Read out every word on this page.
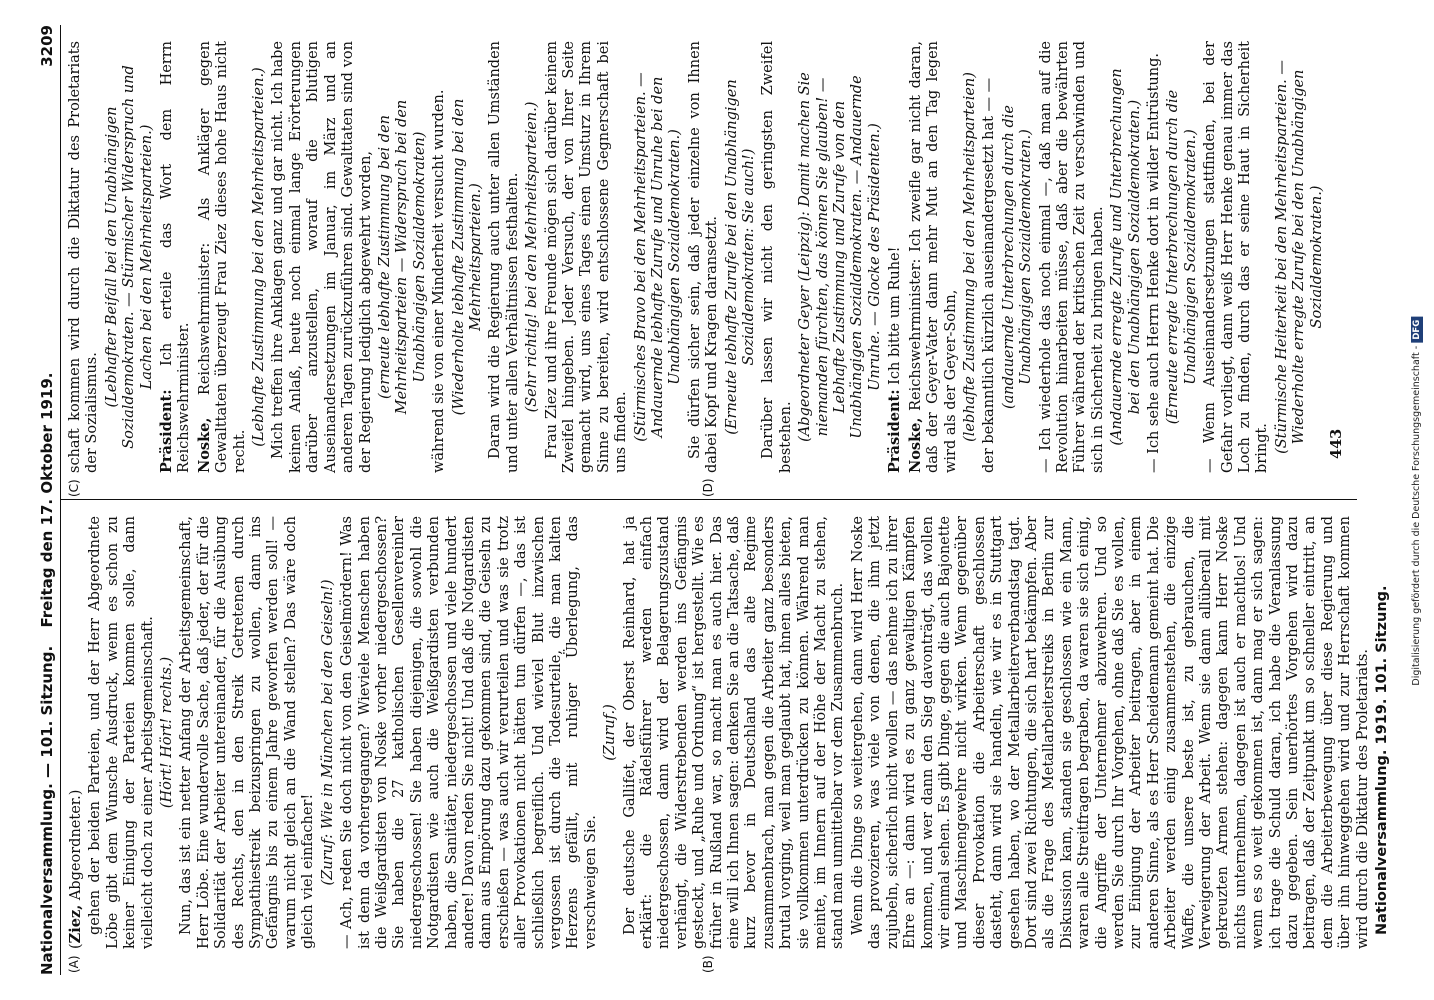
Nationalversammlung. — 101. Sitzung.
Freitag den 17. Oktober 1919.
3209
(A)	(B)

(Ziez, Abgeordneter.) gehen der beiden Parteien, und der Herr Abgeordnete Löbe gibt dem Wunsche Ausdruck, wenn es schon zu keiner Einigung der Parteien kommen solle, dann vielleicht doch zu einer Arbeitsgemeinschaft. (Hört! Hört! rechts.) Nun, das ist ein netter Anfang der Arbeitsgemeinschaft, Herr Löbe. Eine wundervolle Sache, daß jeder, der für die Solidarität der Arbeiter untereinander, für die Ausübung des Rechts, den in den Streik Getretenen durch Sympathiestreik beizuspringen zu wollen, dann ins Gefängnis bis zu einem Jahre geworfen werden soll! — warum nicht gleich an die Wand stellen? Das wäre doch gleich viel einfacher! (Zuruf: Wie in München bei den Geiseln!) — Ach, reden Sie doch nicht von den Geiselmördern! Was ist denn da vorhergegangen? Wieviele Menschen haben die Weißgardisten von Noske vorher niedergeschossen? Sie haben die 27 katholischen Gesellenvereinler niedergeschossen! Sie haben diejenigen, die sowohl die Notgardisten wie auch die Weißgardisten verbunden haben, die Sanitäter, niedergeschossen und viele hundert andere! Davon reden Sie nicht! Und daß die Notgardisten dann aus Empörung dazu gekommen sind, die Geiseln zu erschießen — was auch wir verurteilen und was sie trotz aller Provokationen nicht hätten tun dürfen —, das ist schließlich begreiflich. Und wieviel Blut inzwischen vergossen ist durch die Todesurteile, die man kalten Herzens gefällt, mit ruhiger Überlegung, das verschweigen Sie.

(Zuruf.) Der deutsche Gallifet, der Oberst Reinhard, hat ja erklärt: die Rädelsführer werden einfach niedergeschossen, dann wird der Belagerungszustand verhängt, die Widerstrebenden werden ins Gefängnis gesteckt, und „Ruhe und Ordnung“ ist hergestellt. Wie es früher in Rußland war, so macht man es auch hier. Das eine will ich Ihnen sagen: denken Sie an die Tatsache, daß kurz bevor in Deutschland das alte Regime zusammenbrach, man gegen die Arbeiter ganz besonders brutal vorging, weil man geglaubt hat, ihnen alles bieten, sie vollkommen unterdrücken zu können. Während man meinte, im Innern auf der Höhe der Macht zu stehen, stand man unmittelbar vor dem Zusammenbruch. Wenn die Dinge so weitergehen, dann wird Herr Noske das provozieren, was viele von denen, die ihm jetzt zujubeln, sicherlich nicht wollen — das nehme ich zu ihrer Ehre an —: dann wird es zu ganz gewaltigen Kämpfen kommen, und wer dann den Sieg davonträgt, das wollen wir einmal sehen. Es gibt Dinge, gegen die auch Bajonette und Maschinengewehre nicht wirken. Wenn gegenüber dieser Provokation die Arbeiterschaft geschlossen dasteht, dann wird sie handeln, wie wir es in Stuttgart gesehen haben, wo der Metallarbeiterverbandstag tagt. Dort sind zwei Richtungen, die sich hart bekämpfen. Aber als die Frage des Metallarbeiterstreiks in Berlin zur Diskussion kam, standen sie geschlossen wie ein Mann, waren alle Streitfragen begraben, da waren sie sich einig, die Angriffe der Unternehmer abzuwehren. Und so werden Sie durch Ihr Vorgehen, ohne daß Sie es wollen, zur Einigung der Arbeiter beitragen, aber in einem anderen Sinne, als es Herr Scheidemann gemeint hat. Die Arbeiter werden einig zusammenstehen, die einzige Waffe, die unsere beste ist, zu gebrauchen, die Verweigerung der Arbeit. Wenn sie dann allüberall mit gekreuzten Armen stehen: dagegen kann Herr Noske nichts unternehmen, dagegen ist auch er machtlos! Und wenn es so weit gekommen ist, dann mag er sich sagen: ich trage die Schuld daran, ich habe die Veranlassung dazu gegeben. Sein unerhörtes Vorgehen wird dazu beitragen, daß der Zeitpunkt um so schneller eintritt, an dem die Arbeiterbewegung über diese Regierung und über ihn hinweggehen wird und zur Herrschaft kommen wird durch die Diktatur des Proletariats. Nationalversammlung. 1919. 101. Sitzung.

(C)	(D)

schaft kommen wird durch die Diktatur des Proletariats der Sozialismus.

(Lebhafter Beifall bei den Unabhängigen Sozialdemokraten. — Stürmischer Widerspruch und Lachen bei den Mehrheitsparteien.)

Präsident: Ich erteile das Wort dem Herrn Reichswehrminister. Noske, Reichswehrminister: Als Ankläger gegen Gewalttaten überzeugt Frau Ziez dieses hohe Haus nicht recht.

(Lebhafte Zustimmung bei den Mehrheitsparteien.) Mich treffen ihre Anklagen ganz und gar nicht. Ich habe keinen Anlaß, heute noch einmal lange Erörterungen darüber anzustellen, worauf die blutigen Auseinandersetzungen im Januar, im März und an anderen Tagen zurückzuführen sind. Gewalttaten sind von der Regierung lediglich abgewehrt worden, (erneute lebhafte Zustimmung bei den Mehrheitsparteien — Widerspruch bei den Unabhängigen Sozialdemokraten) während sie von einer Minderheit versucht wurden. (Wiederholte lebhafte Zustimmung bei den Mehrheitsparteien.) Daran wird die Regierung auch unter allen Umständen und unter allen Verhältnissen festhalten. (Sehr richtig! bei den Mehrheitsparteien.) Frau Ziez und ihre Freunde mögen sich darüber keinem Zweifel hingeben. Jeder Versuch, der von Ihrer Seite gemacht wird, uns eines Tages einen Umsturz in Ihrem Sinne zu bereiten, wird entschlossene Gegnerschaft bei uns finden. (Stürmisches Bravo bei den Mehrheitsparteien. — Andauernde lebhafte Zurufe und Unruhe bei den Unabhängigen Sozialdemokraten.) Sie dürfen sicher sein, daß jeder einzelne von Ihnen dabei Kopf und Kragen daransetzt. (Erneute lebhafte Zurufe bei den Unabhängigen Sozialdemokraten: Sie auch!) Darüber lassen wir nicht den geringsten Zweifel bestehen. (Abgeordneter Geyer (Leipzig): Damit machen Sie niemanden fürchten, das können Sie glauben! — Lebhafte Zustimmung und Zurufe von den Unabhängigen Sozialdemokraten. — Andauernde Unruhe. — Glocke des Präsidenten.)

Präsident: Ich bitte um Ruhe!

Noske, Reichswehrminister: Ich zweifle gar nicht daran, daß der Geyer-Vater dann mehr Mut an den Tag legen wird als der Geyer-Sohn, (lebhafte Zustimmung bei den Mehrheitsparteien) der bekanntlich kürzlich auseinandergesetzt hat — — (andauernde Unterbrechungen durch die Unabhängigen Sozialdemokraten.) — Ich wiederhole das noch einmal —, daß man auf die Revolution hinarbeiten müsse, daß aber die bewährten Führer während der kritischen Zeit zu verschwinden und sich in Sicherheit zu bringen haben. (Andauernde erregte Zurufe und Unterbrechungen bei den Unabhängigen Sozialdemokraten.) — Ich sehe auch Herrn Henke dort in wilder Entrüstung. (Erneute erregte Unterbrechungen durch die Unabhängigen Sozialdemokraten.) — Wenn Auseinandersetzungen stattfinden, bei der Gefahr vorliegt, dann weiß Herr Henke genau immer das Loch zu finden, durch das er seine Haut in Sicherheit bringt. (Stürmische Heiterkeit bei den Mehrheitsparteien. — Wiederholte erregte Zurufe bei den Unabhängigen Sozialdemokraten.)

443	Digitalisierung gefördert durch die Deutsche Forschungsgemeinschaft - DFG
